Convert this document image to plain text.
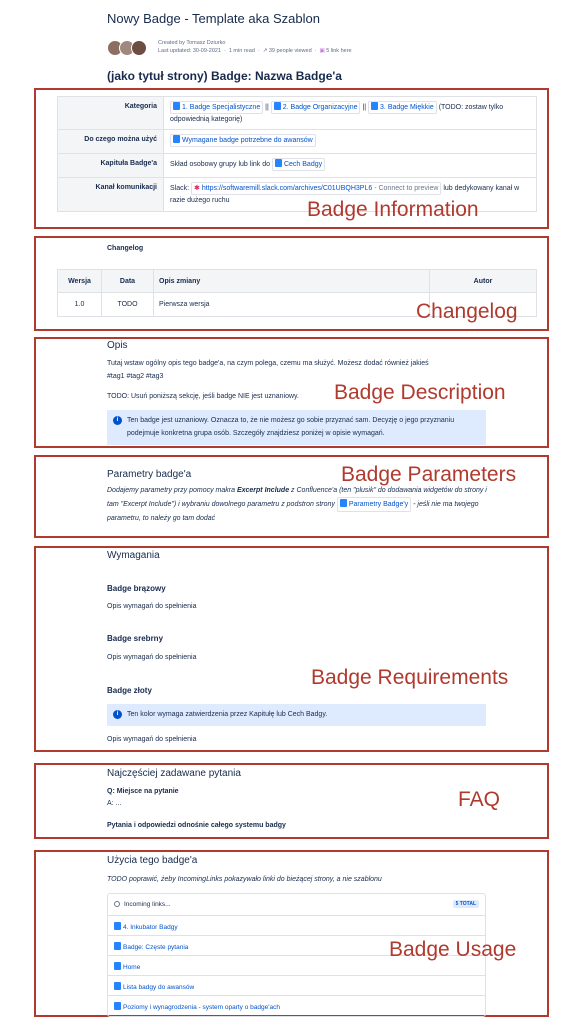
Nowy Badge - Template aka Szablon
Created by Tomasz Dziurko
Last updated: 30-09-2021 · 1 min read · ↗ 39 people viewed · ▣ 5 link here
(jako tytuł strony) Badge: Nazwa Badge'a
Kategoria	1. Badge Specjalistyczne || 2. Badge Organizacyjne || 3. Badge Miękkie (TODO: zostaw tylko odpowiednią kategorię)
Do czego można użyć	Wymagane badge potrzebne do awansów
Kapituła Badge'a	Skład osobowy grupy lub link do Cech Badgy
Kanał komunikacji	Slack: ✱ https://softwaremill.slack.com/archives/C01UBQH3PL6 - Connect to preview lub dedykowany kanał w razie dużego ruchu	Badge Information
Changelog
Wersja	Data	Opis zmiany	Autor
1.0	TODO	Pierwsza wersja		Changelog
Opis
Tutaj wstaw ogólny opis tego badge'a, na czym polega, czemu ma służyć. Możesz dodać również jakieś
#tag1 #tag2 #tag3
TODO: Usuń poniższą sekcję, jeśli badge NIE jest uznaniowy.
i	Ten badge jest uznaniowy. Oznacza to, że nie możesz go sobie przyznać sam. Decyzję o jego przyznaniu podejmuje konkretna grupa osób. Szczegóły znajdziesz poniżej w opisie wymagań.
Badge Description
Parametry badge'a
Dodajemy parametry przy pomocy makra Excerpt Include z Confluence'a (ten "plusik" do dodawania widgetów do strony i tam "Excerpt Include") i wybraniu dowolnego parametru z podstron strony Parametry Badge'y - jeśli nie ma twojego parametru, to należy go tam dodać
Badge Parameters
Wymagania
Badge brązowy
Opis wymagań do spełnienia
Badge srebrny
Opis wymagań do spełnienia
Badge złoty
i	Ten kolor wymaga zatwierdzenia przez Kapitułę lub Cech Badgy.
Opis wymagań do spełnienia
Badge Requirements
Najczęściej zadawane pytania
Q: Miejsce na pytanie
A: ...
Pytania i odpowiedzi odnośnie całego systemu badgy
FAQ
Użycia tego badge'a
TODO poprawić, żeby IncomingLinks pokazywało linki do bieżącej strony, a nie szablonu
Incoming links...	5 TOTAL
4. Inkubator Badgy
Badge: Częste pytania
Home
Lista badgy do awansów
Poziomy i wynagrodzenia - system oparty o badge'ach
Badge Usage
